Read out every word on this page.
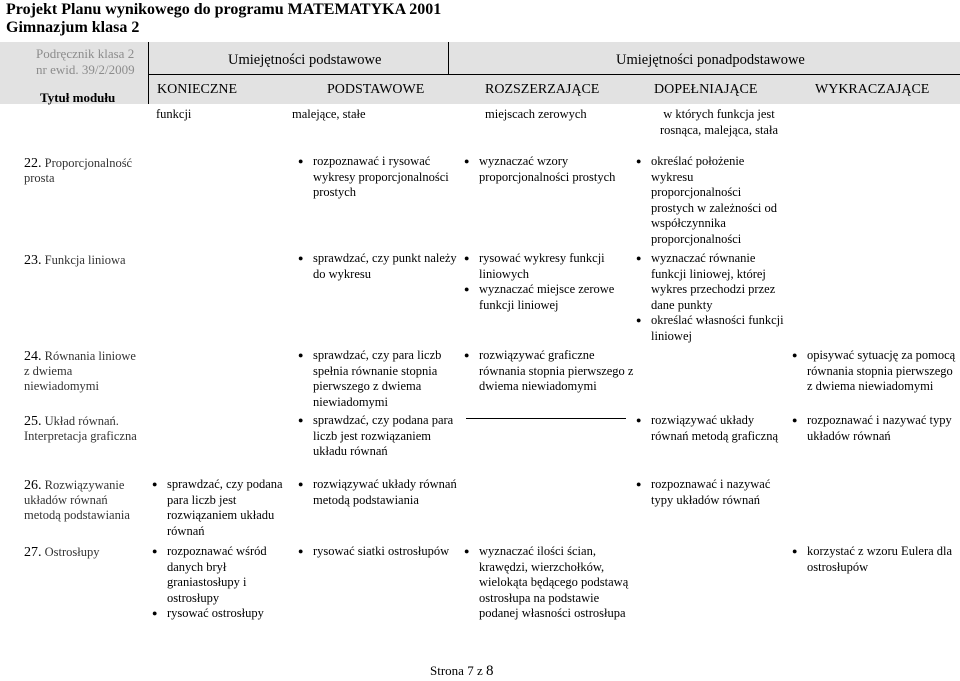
Projekt Planu wynikowego do programu MATEMATYKA 2001
Gimnazjum klasa 2
Podręcznik klasa 2
nr ewid. 39/2/2009
Tytuł modułu
Umiejętności podstawowe	Umiejętności ponadpodstawowe
KONIECZNE	PODSTAWOWE	ROZSZERZAJĄCE	DOPEŁNIAJĄCE	WYKRACZAJĄCE
funkcji	malejące, stałe	miejscach zerowych	w których funkcja jest rosnąca, malejąca, stała
22. Proporcjonalność prosta
23. Funkcja liniowa
24. Równania liniowe z dwiema niewiadomymi
25. Układ równań. Interpretacja graficzna
26. Rozwiązywanie układów równań metodą podstawiania
27. Ostrosłupy
● rozpoznawać i rysować wykresy proporcjonalności prostych
● wyznaczać wzory proporcjonalności prostych
● określać położenie wykresu proporcjonalności prostych w zależności od współczynnika proporcjonalności
● sprawdzać, czy punkt należy do wykresu
● rysować wykresy funkcji liniowych
● wyznaczać miejsce zerowe funkcji liniowej
● wyznaczać równanie funkcji liniowej, której wykres przechodzi przez dane punkty
● określać własności funkcji liniowej
● sprawdzać, czy para liczb spełnia równanie stopnia pierwszego z dwiema niewiadomymi
● rozwiązywać graficzne równania stopnia pierwszego z dwiema niewiadomymi
● opisywać sytuację za pomocą równania stopnia pierwszego z dwiema niewiadomymi
● sprawdzać, czy podana para liczb jest rozwiązaniem układu równań
● rozwiązywać układy równań metodą graficzną
● rozpoznawać i nazywać typy układów równań
● sprawdzać, czy podana para liczb jest rozwiązaniem układu równań
● rozwiązywać układy równań metodą podstawiania
● rozpoznawać i nazywać typy układów równań
● rozpoznawać wśród danych brył graniastosłupy i ostrosłupy
● rysować ostrosłupy
● rysować siatki ostrosłupów
●	wyznaczać ilości ścian, krawędzi, wierzchołków, wielokąta będącego podstawą ostrosłupa na podstawie podanej własności ostrosłupa
● korzystać z wzoru Eulera dla ostrosłupów
Strona 7 z 8
